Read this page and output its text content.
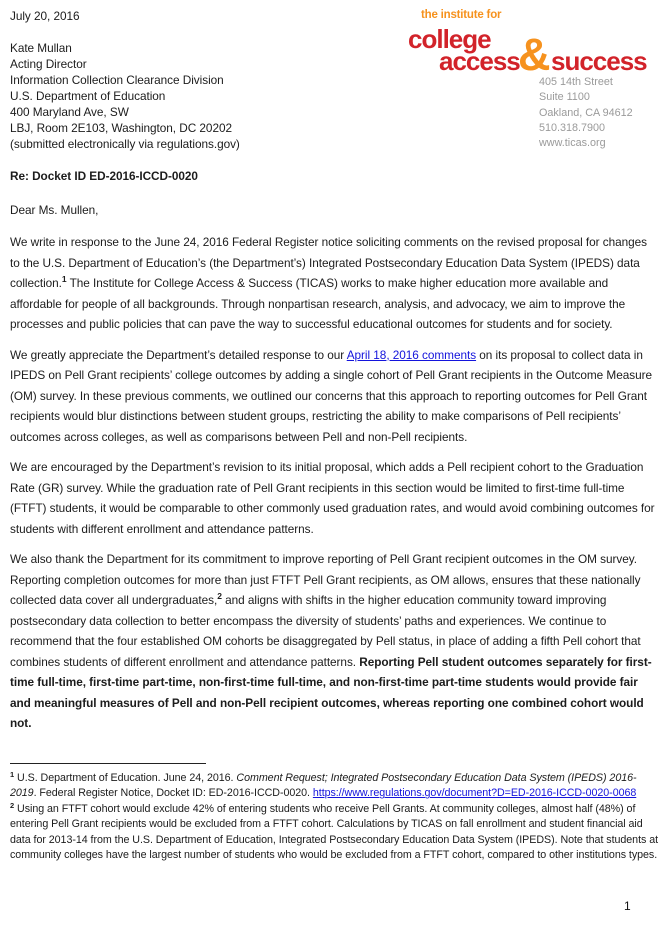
the institute for
college
access
& success
405 14th Street
Suite 1100
Oakland, CA 94612
510.318.7900
www.ticas.org
July 20, 2016
Kate Mullan
Acting Director
Information Collection Clearance Division
U.S. Department of Education
400 Maryland Ave, SW
LBJ, Room 2E103, Washington, DC 20202
(submitted electronically via regulations.gov)
Re: Docket ID ED-2016-ICCD-0020
Dear Ms. Mullen,

We write in response to the June 24, 2016 Federal Register notice soliciting comments on the revised proposal for changes to the U.S. Department of Education’s (the Department’s) Integrated Postsecondary Education Data System (IPEDS) data collection.$^1$ The Institute for College Access & Success (TICAS) works to make higher education more available and affordable for people of all backgrounds. Through nonpartisan research, analysis, and advocacy, we aim to improve the processes and public policies that can pave the way to successful educational outcomes for students and for society.

We greatly appreciate the Department’s detailed response to our April 18, 2016 comments on its proposal to collect data in IPEDS on Pell Grant recipients’ college outcomes by adding a single cohort of Pell Grant recipients in the Outcome Measure (OM) survey. In these previous comments, we outlined our concerns that this approach to reporting outcomes for Pell Grant recipients would blur distinctions between student groups, restricting the ability to make comparisons of Pell recipients’ outcomes across colleges, as well as comparisons between Pell and non-Pell recipients.

We are encouraged by the Department’s revision to its initial proposal, which adds a Pell recipient cohort to the Graduation Rate (GR) survey. While the graduation rate of Pell Grant recipients in this section would be limited to first-time full-time (FTFT) students, it would be comparable to other commonly used graduation rates, and would avoid combining outcomes for students with different enrollment and attendance patterns.

We also thank the Department for its commitment to improve reporting of Pell Grant recipient outcomes in the OM survey. Reporting completion outcomes for more than just FTFT Pell Grant recipients, as OM allows, ensures that these nationally collected data cover all undergraduates,$^2$ and aligns with shifts in the higher education community toward improving postsecondary data collection to better encompass the diversity of students’ paths and experiences. We continue to recommend that the four established OM cohorts be disaggregated by Pell status, in place of adding a fifth Pell cohort that combines students of different enrollment and attendance patterns. Reporting Pell student outcomes separately for first-time full-time, first-time part-time, non-first-time full-time, and non-first-time part-time students would provide fair and meaningful measures of Pell and non-Pell recipient outcomes, whereas reporting one combined cohort would not.

$^1$ U.S. Department of Education. June 24, 2016. Comment Request; Integrated Postsecondary Education Data System (IPEDS) 2016-2019. Federal Register Notice, Docket ID: ED-2016-ICCD-0020. https://www.regulations.gov/document?D=ED-2016-ICCD-0020-0068

$^2$ Using an FTFT cohort would exclude 42% of entering students who receive Pell Grants. At community colleges, almost half (48%) of entering Pell Grant recipients would be excluded from a FTFT cohort. Calculations by TICAS on fall enrollment and student financial aid data for 2013-14 from the U.S. Department of Education, Integrated Postsecondary Education Data System (IPEDS). Note that students at community colleges have the largest number of students who would be excluded from a FTFT cohort, compared to other institutions types.

1
